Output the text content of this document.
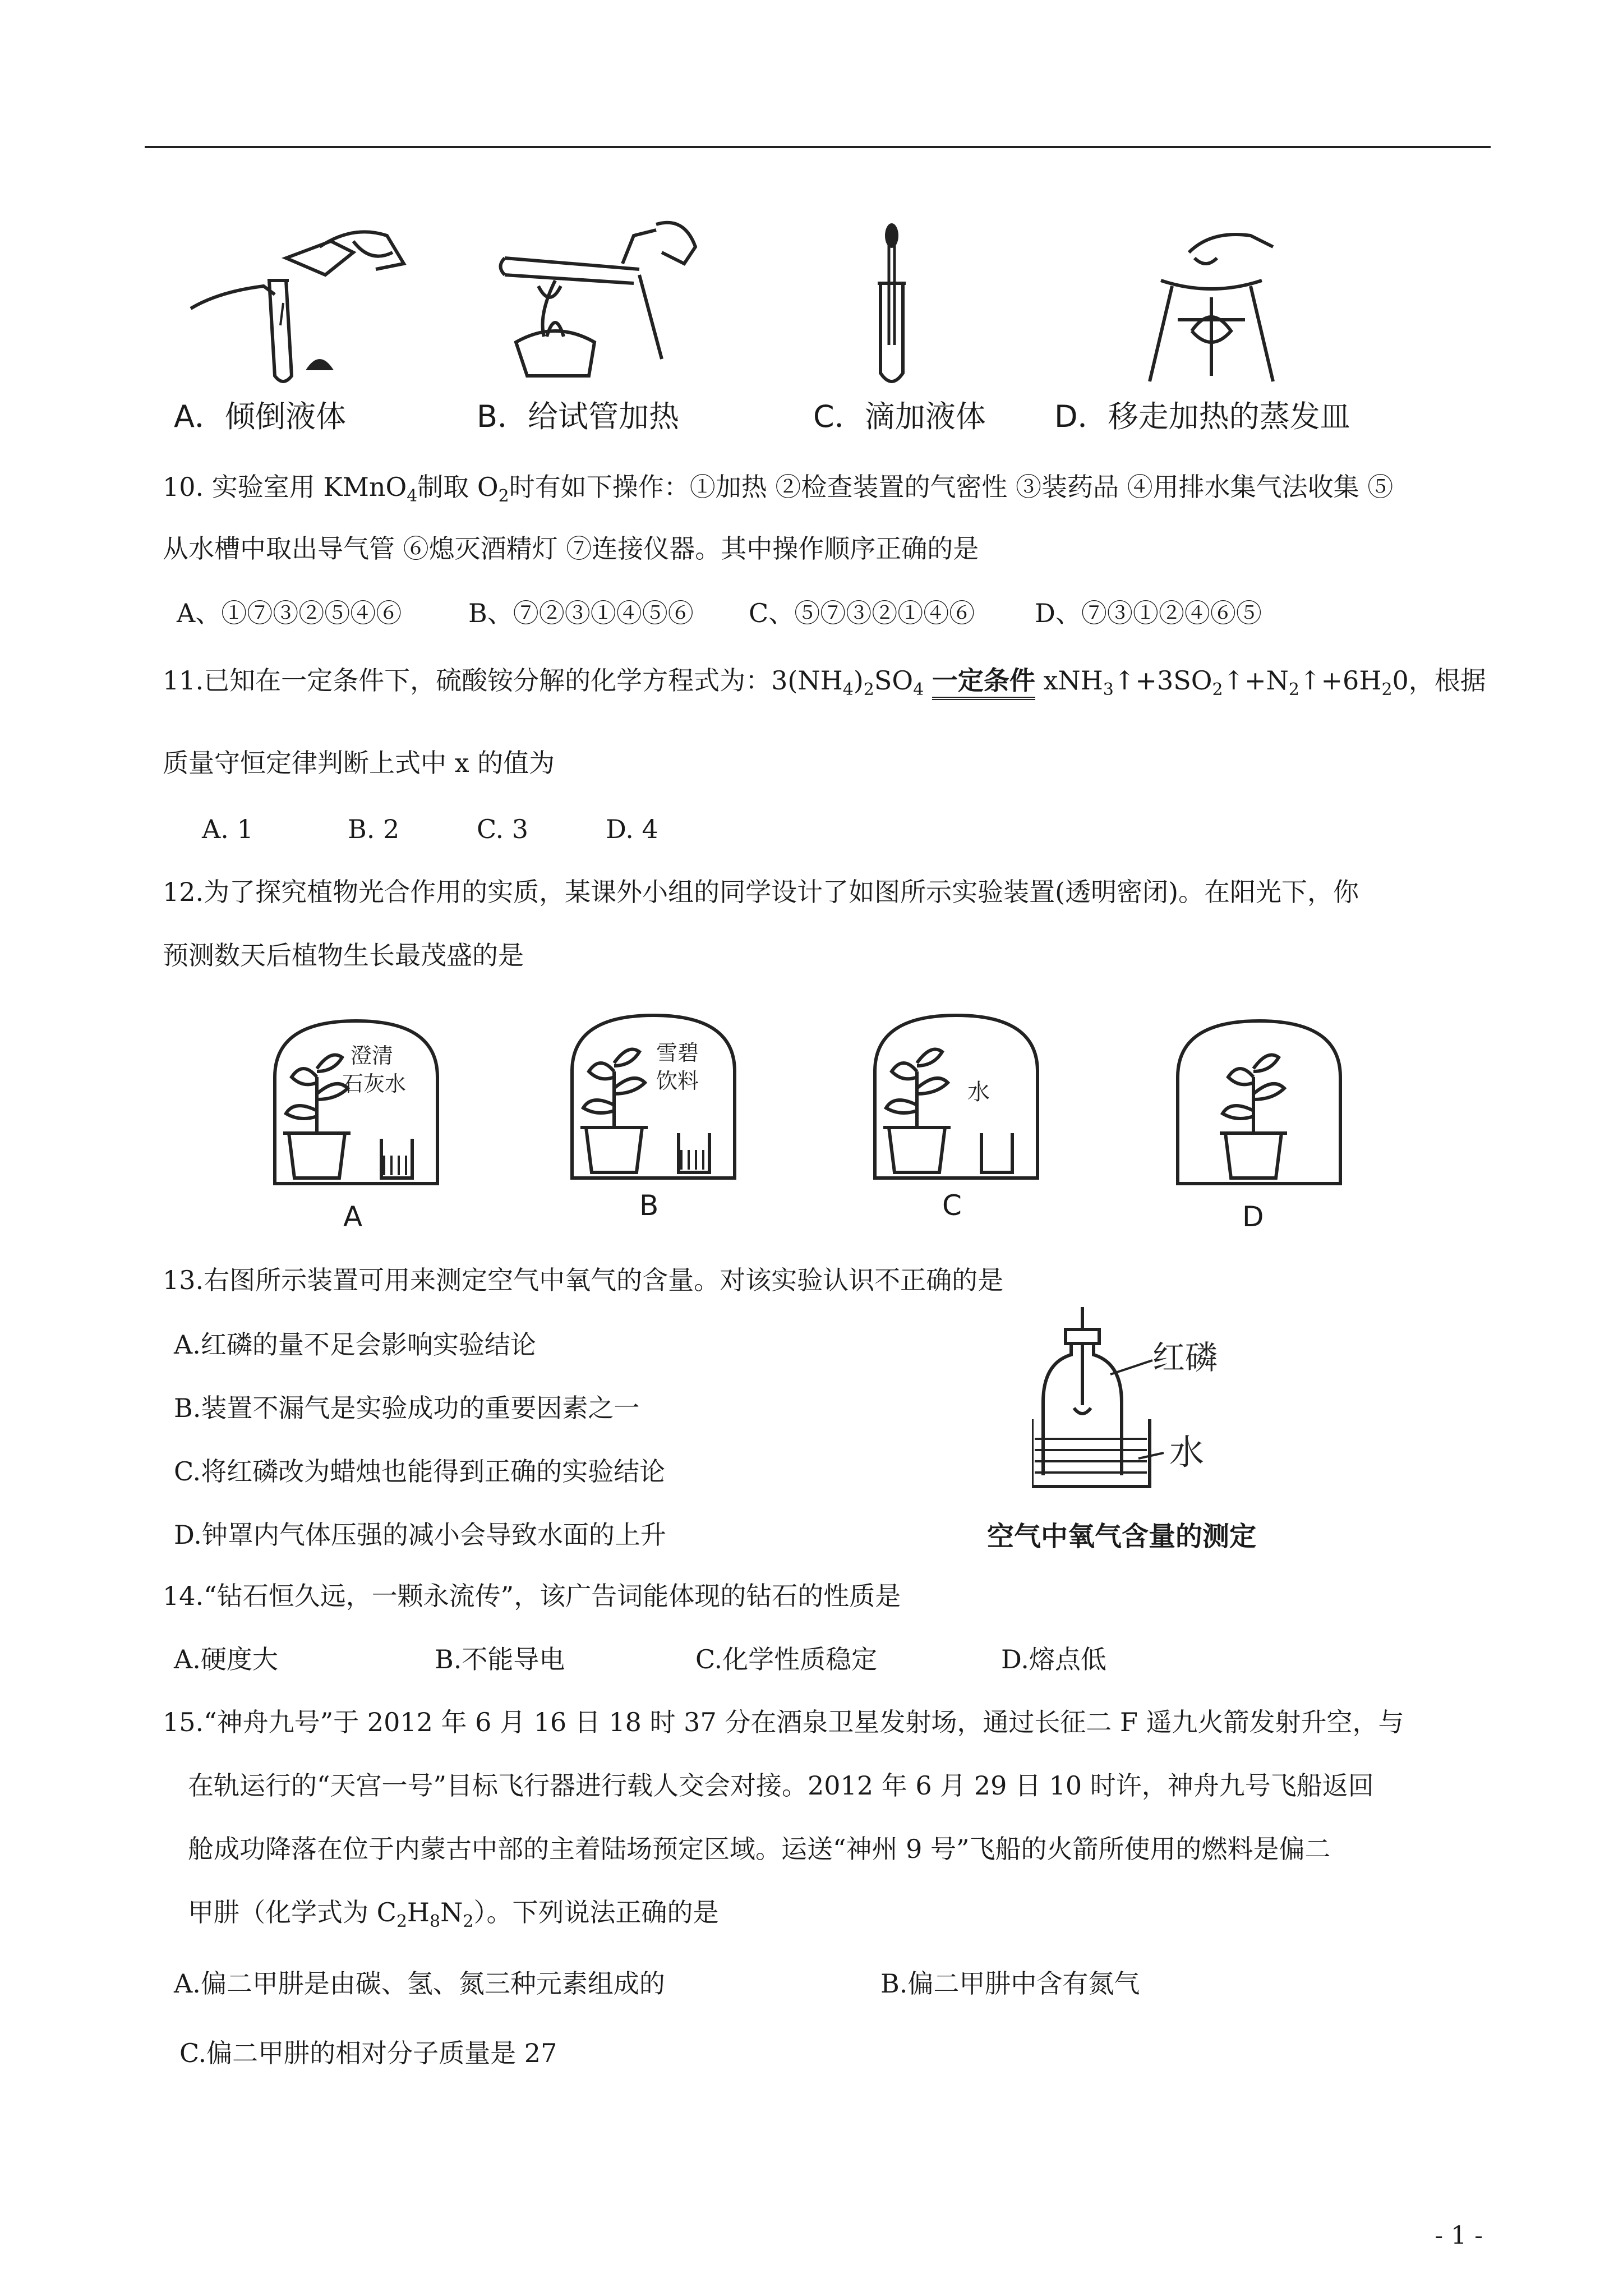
A．倾倒液体	B．给试管加热	C．滴加液体 D．移走加热的蒸发皿
10. 实验室用 KMnO$_4$制取 $O_2$时有如下操作：①加热 ②检查装置的气密性 ③装药品 ④用排水集气法收集 ⑤
从水槽中取出导气管 ⑥熄灭酒精灯 ⑦连接仪器。其中操作顺序正确的是
A、①⑦③②⑤④⑥	B、⑦②③①④⑤⑥ C、⑤⑦③②①④⑥ D、⑦③①②④⑥⑤
11.已知在一定条件下，硫酸铵分解的化学方程式为：$3(NH_4)_2SO_4$ 一定条件 $xNH_3↑+3SO_2↑+N_2↑+6H_20$，根据
质量守恒定律判断上式中 x 的值为
A. 1	B. 2	C. 3	D. 4
12.为了探究植物光合作用的实质，某课外小组的同学设计了如图所示实验装置(透明密闭)。在阳光下，你
预测数天后植物生长最茂盛的是
澄清
石灰水
雪碧
饮料	水
A	B	C	D
13.右图所示装置可用来测定空气中氧气的含量。对该实验认识不正确的是
A.红磷的量不足会影响实验结论
B.装置不漏气是实验成功的重要因素之一
C.将红磷改为蜡烛也能得到正确的实验结论
D.钟罩内气体压强的减小会导致水面的上升
红磷
水
空气中氧气含量的测定
14.“钻石恒久远，一颗永流传”，该广告词能体现的钻石的性质是
A.硬度大	B.不能导电	C.化学性质稳定	D.熔点低
15.“神舟九号”于 2012 年 6 月 16 日 18 时 37 分在酒泉卫星发射场，通过长征二 F 遥九火箭发射升空，与
在轨运行的“天宫一号”目标飞行器进行载人交会对接。2012 年 6 月 29 日 10 时许，神舟九号飞船返回
舱成功降落在位于内蒙古中部的主着陆场预定区域。运送“神州 9 号”飞船的火箭所使用的燃料是偏二
甲肼（化学式为 $C_2H_8N_2$）。下列说法正确的是
A.偏二甲肼是由碳、氢、氮三种元素组成的	B.偏二甲肼中含有氮气
C.偏二甲肼的相对分子质量是 27
- 1 -
